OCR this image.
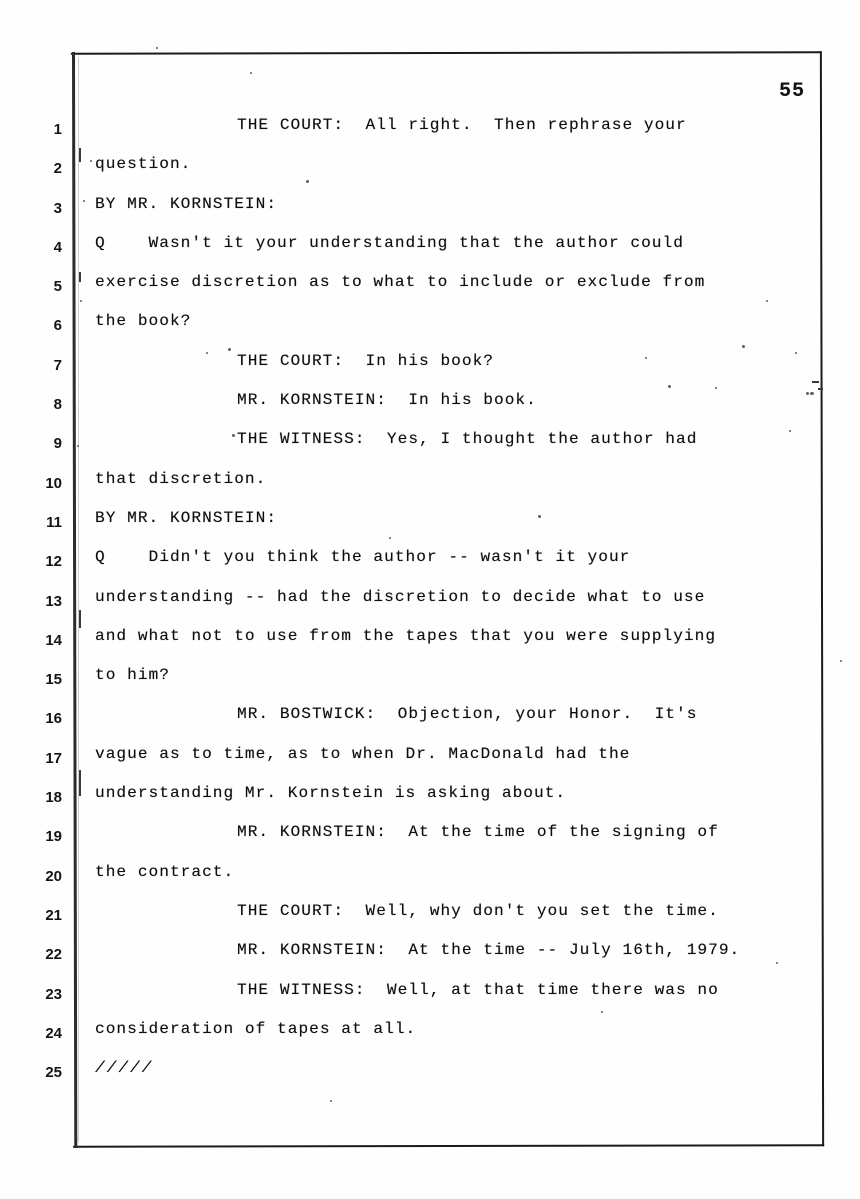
55
1	THE COURT:  All right.  Then rephrase your
2 question.
3 BY MR. KORNSTEIN:
4 Q    Wasn't it your understanding that the author could
5 exercise discretion as to what to include or exclude from
6 the book?
7	THE COURT:  In his book?
8	MR. KORNSTEIN:  In his book.
9	THE WITNESS:  Yes, I thought the author had
10 that discretion.
11 BY MR. KORNSTEIN:
12 Q    Didn't you think the author -- wasn't it your
13 understanding -- had the discretion to decide what to use
14 and what not to use from the tapes that you were supplying
15 to him?
16	MR. BOSTWICK:  Objection, your Honor.  It's
17 vague as to time, as to when Dr. MacDonald had the
18 understanding Mr. Kornstein is asking about.
19	MR. KORNSTEIN:  At the time of the signing of
20 the contract.
21	THE COURT:  Well, why don't you set the time.
22	MR. KORNSTEIN:  At the time -- July 16th, 1979.
23	THE WITNESS:  Well, at that time there was no
24 consideration of tapes at all.
25 /////
